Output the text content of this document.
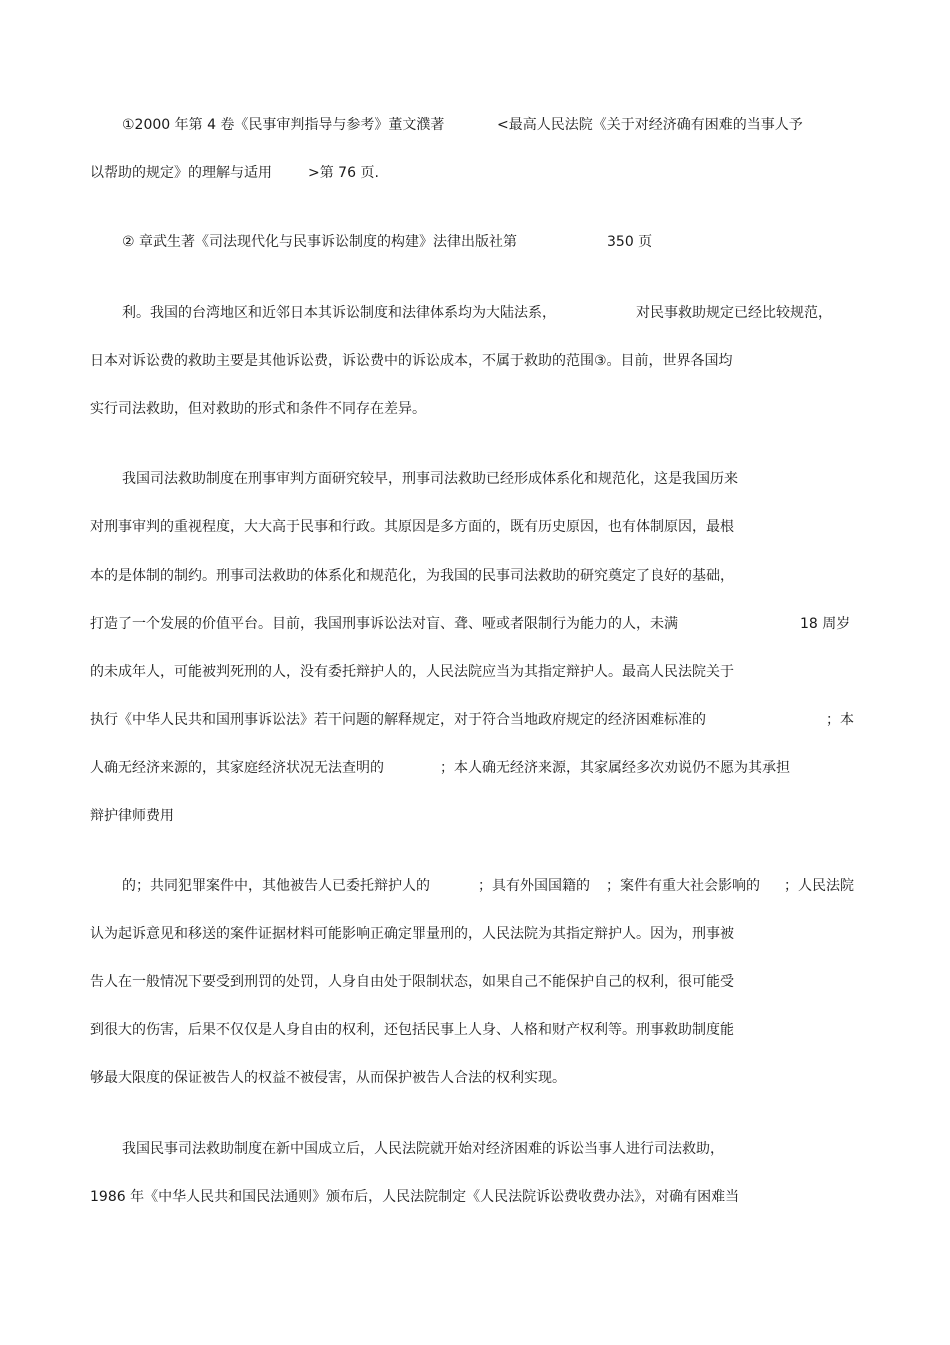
①2000 年第 4 卷《民事审判指导与参考》董文濮著	<最高人民法院《关于对经济确有困难的当事人予
以帮助的规定》的理解与适用	>第 76 页.
② 章武生著《司法现代化与民事诉讼制度的构建》法律出版社第	350 页
利。我国的台湾地区和近邻日本其诉讼制度和法律体系均为大陆法系，	对民事救助规定已经比较规范，
日本对诉讼费的救助主要是其他诉讼费，诉讼费中的诉讼成本，不属于救助的范围③。目前，世界各国均
实行司法救助，但对救助的形式和条件不同存在差异。
我国司法救助制度在刑事审判方面研究较早，刑事司法救助已经形成体系化和规范化，这是我国历来
对刑事审判的重视程度，大大高于民事和行政。其原因是多方面的，既有历史原因，也有体制原因，最根
本的是体制的制约。刑事司法救助的体系化和规范化，为我国的民事司法救助的研究奠定了良好的基础，
打造了一个发展的价值平台。目前，我国刑事诉讼法对盲、聋、哑或者限制行为能力的人，未满	18 周岁
的未成年人，可能被判死刑的人，没有委托辩护人的，人民法院应当为其指定辩护人。最高人民法院关于
执行《中华人民共和国刑事诉讼法》若干问题的解释规定，对于符合当地政府规定的经济困难标准的	；本
人确无经济来源的，其家庭经济状况无法查明的	；本人确无经济来源，其家属经多次劝说仍不愿为其承担
辩护律师费用
的；共同犯罪案件中，其他被告人已委托辩护人的	；具有外国国籍的 ；案件有重大社会影响的 ；人民法院
认为起诉意见和移送的案件证据材料可能影响正确定罪量刑的，人民法院为其指定辩护人。因为，刑事被
告人在一般情况下要受到刑罚的处罚，人身自由处于限制状态，如果自己不能保护自己的权利，很可能受
到很大的伤害，后果不仅仅是人身自由的权利，还包括民事上人身、人格和财产权利等。刑事救助制度能
够最大限度的保证被告人的权益不被侵害，从而保护被告人合法的权利实现。
我国民事司法救助制度在新中国成立后，人民法院就开始对经济困难的诉讼当事人进行司法救助，
1986 年《中华人民共和国民法通则》颁布后，人民法院制定《人民法院诉讼费收费办法》，对确有困难当
